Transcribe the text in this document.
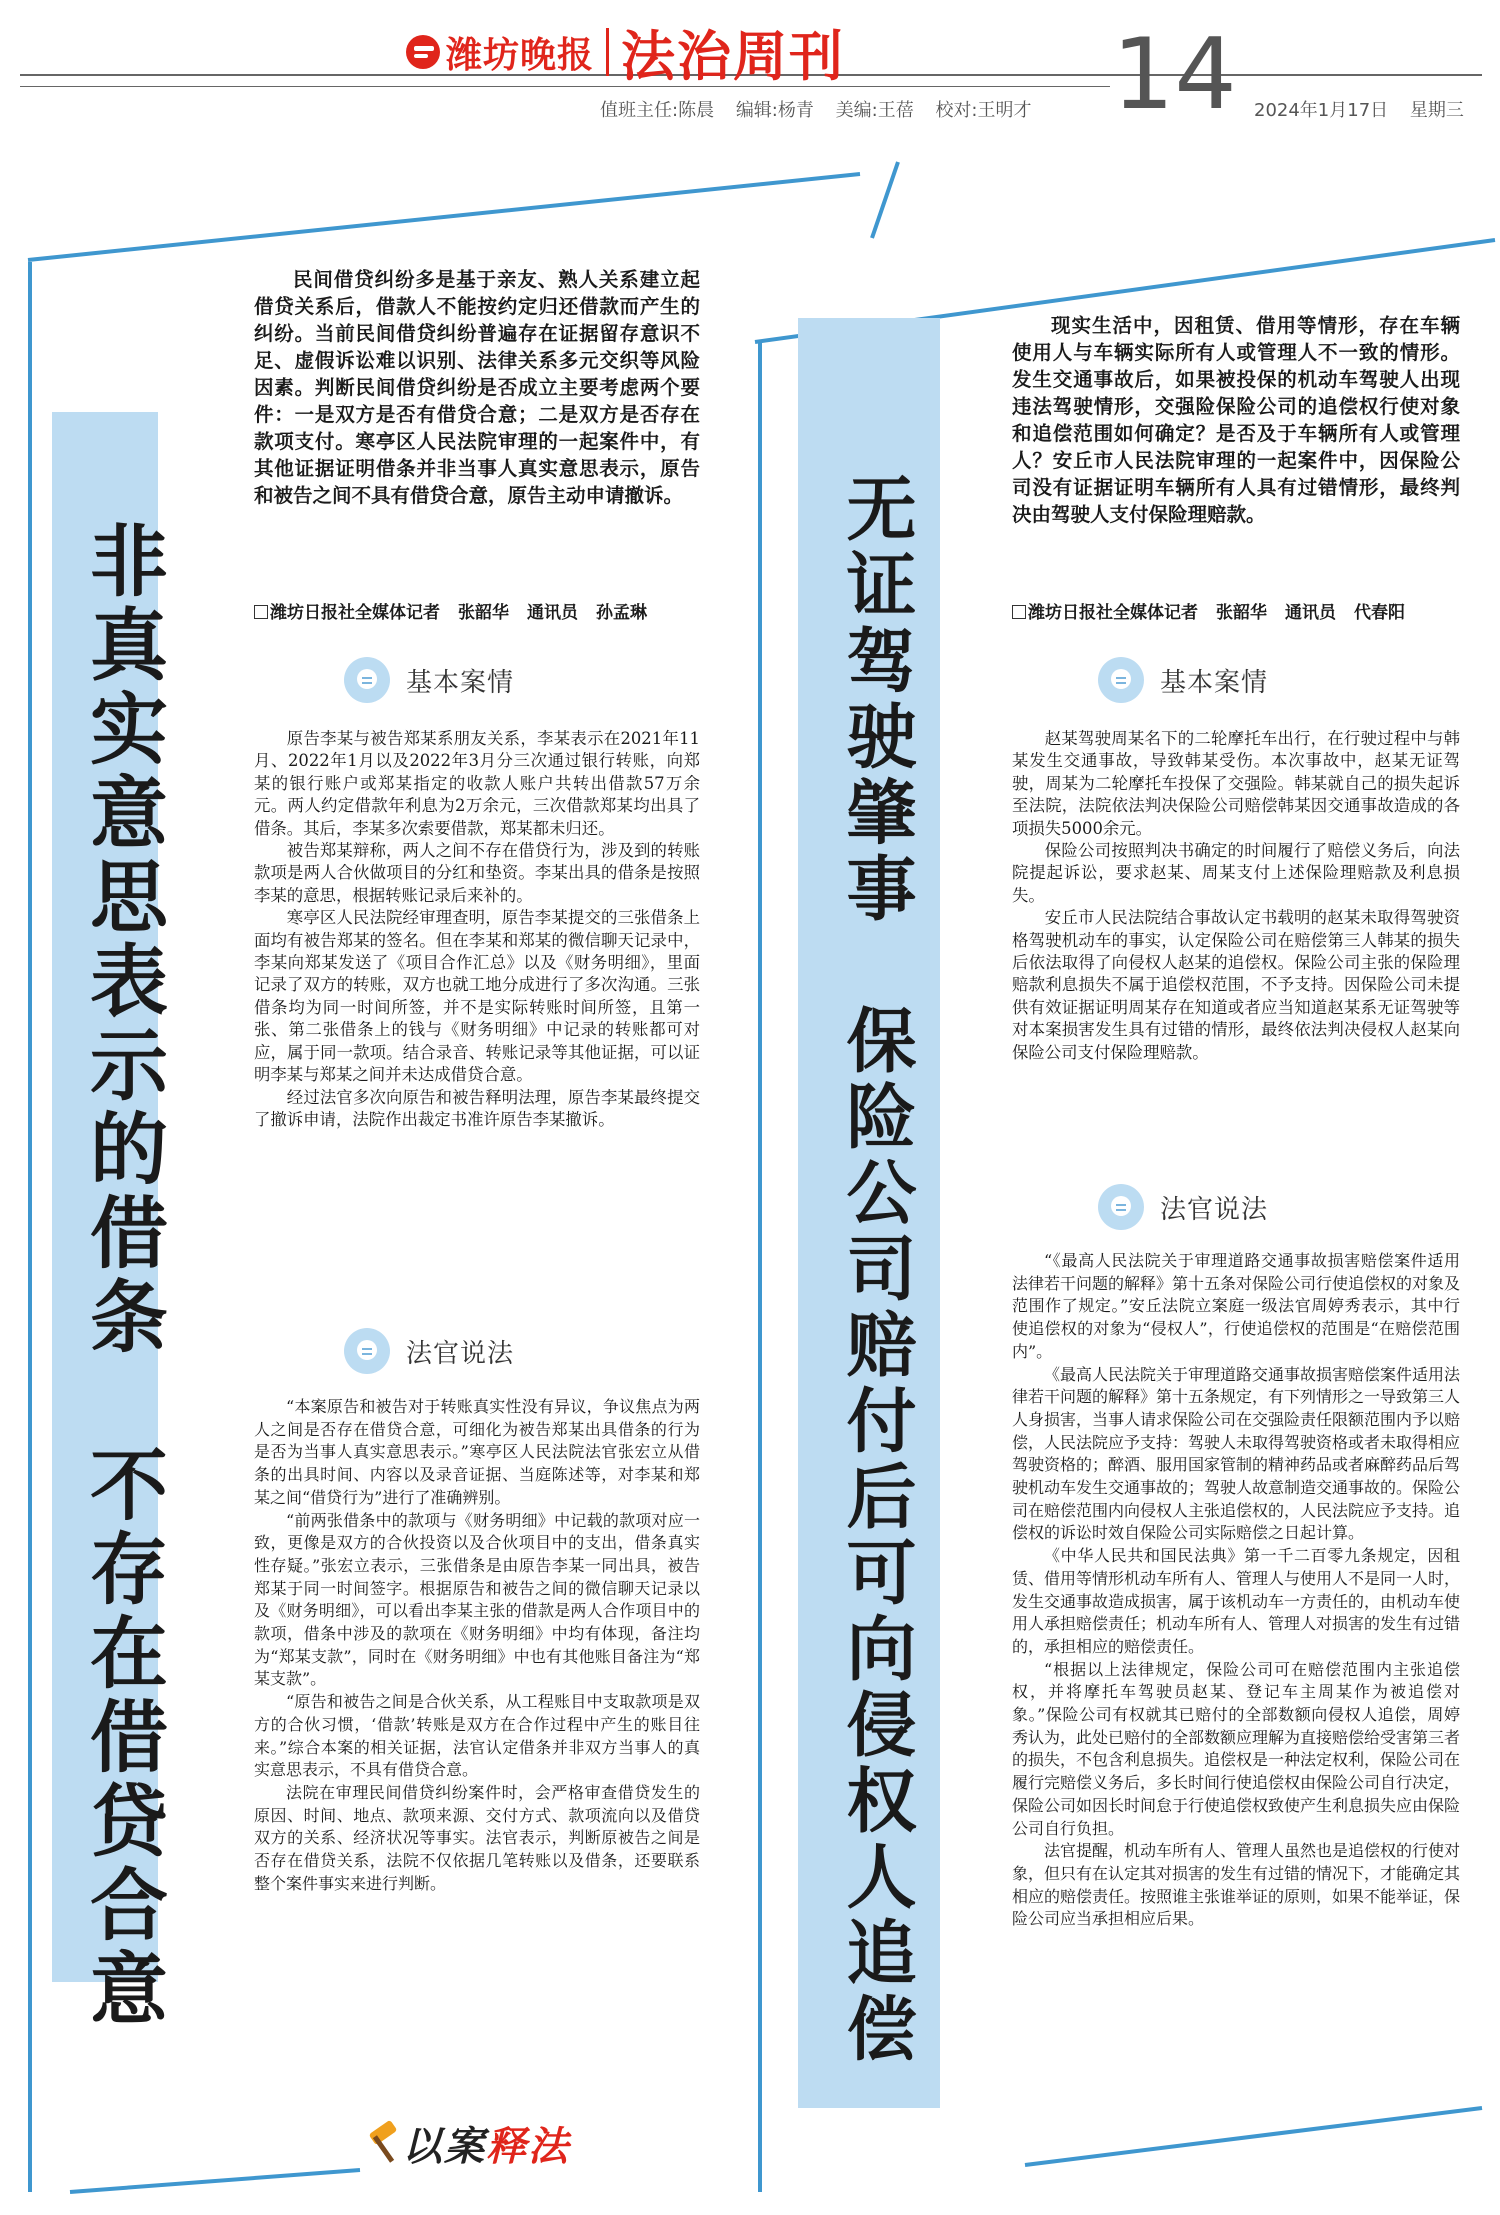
潍坊晚报 法治周刊
值班主任:陈晨 编辑:杨青 美编:王蓓 校对:王明才 14 2024年1月17日 星期三
非真实意思表示的借条　不存在借贷合意
民间借贷纠纷多是基于亲友、熟人关系建立起借贷关系后，借款人不能按约定归还借款而产生的纠纷。当前民间借贷纠纷普遍存在证据留存意识不足、虚假诉讼难以识别、法律关系多元交织等风险因素。判断民间借贷纠纷是否成立主要考虑两个要件：一是双方是否有借贷合意；二是双方是否存在款项支付。寒亭区人民法院审理的一起案件中，有其他证据证明借条并非当事人真实意思表示，原告和被告之间不具有借贷合意，原告主动申请撤诉。
潍坊日报社全媒体记者 张韶华 通讯员 孙孟琳
基本案情

原告李某与被告郑某系朋友关系，李某表示在2021年11月、2022年1月以及2022年3月分三次通过银行转账，向郑某的银行账户或郑某指定的收款人账户共转出借款57万余元。两人约定借款年利息为2万余元，三次借款郑某均出具了借条。其后，李某多次索要借款，郑某都未归还。

被告郑某辩称，两人之间不存在借贷行为，涉及到的转账款项是两人合伙做项目的分红和垫资。李某出具的借条是按照李某的意思，根据转账记录后来补的。

寒亭区人民法院经审理查明，原告李某提交的三张借条上面均有被告郑某的签名。但在李某和郑某的微信聊天记录中，李某向郑某发送了《项目合作汇总》以及《财务明细》，里面记录了双方的转账，双方也就工地分成进行了多次沟通。三张借条均为同一时间所签，并不是实际转账时间所签，且第一张、第二张借条上的钱与《财务明细》中记录的转账都可对应，属于同一款项。结合录音、转账记录等其他证据，可以证明李某与郑某之间并未达成借贷合意。

经过法官多次向原告和被告释明法理，原告李某最终提交了撤诉申请，法院作出裁定书准许原告李某撤诉。

法官说法

“本案原告和被告对于转账真实性没有异议，争议焦点为两人之间是否存在借贷合意，可细化为被告郑某出具借条的行为是否为当事人真实意思表示。”寒亭区人民法院法官张宏立从借条的出具时间、内容以及录音证据、当庭陈述等，对李某和郑某之间“借贷行为”进行了准确辨别。

“前两张借条中的款项与《财务明细》中记载的款项对应一致，更像是双方的合伙投资以及合伙项目中的支出，借条真实性存疑。”张宏立表示，三张借条是由原告李某一同出具，被告郑某于同一时间签字。根据原告和被告之间的微信聊天记录以及《财务明细》，可以看出李某主张的借款是两人合作项目中的款项，借条中涉及的款项在《财务明细》中均有体现，备注均为“郑某支款”，同时在《财务明细》中也有其他账目备注为“郑某支款”。

“原告和被告之间是合伙关系，从工程账目中支取款项是双方的合伙习惯，‘借款’转账是双方在合作过程中产生的账目往来。”综合本案的相关证据，法官认定借条并非双方当事人的真实意思表示，不具有借贷合意。

法院在审理民间借贷纠纷案件时，会严格审查借贷发生的原因、时间、地点、款项来源、交付方式、款项流向以及借贷双方的关系、经济状况等事实。法官表示，判断原被告之间是否存在借贷关系，法院不仅依据几笔转账以及借条，还要联系整个案件事实来进行判断。	无证驾驶肇事　保险公司赔付后可向侵权人追偿
现实生活中，因租赁、借用等情形，存在车辆使用人与车辆实际所有人或管理人不一致的情形。发生交通事故后，如果被投保的机动车驾驶人出现违法驾驶情形，交强险保险公司的追偿权行使对象和追偿范围如何确定？是否及于车辆所有人或管理人？安丘市人民法院审理的一起案件中，因保险公司没有证据证明车辆所有人具有过错情形，最终判决由驾驶人支付保险理赔款。
潍坊日报社全媒体记者 张韶华 通讯员 代春阳
基本案情

赵某驾驶周某名下的二轮摩托车出行，在行驶过程中与韩某发生交通事故，导致韩某受伤。本次事故中，赵某无证驾驶，周某为二轮摩托车投保了交强险。韩某就自己的损失起诉至法院，法院依法判决保险公司赔偿韩某因交通事故造成的各项损失5000余元。

保险公司按照判决书确定的时间履行了赔偿义务后，向法院提起诉讼，要求赵某、周某支付上述保险理赔款及利息损失。

安丘市人民法院结合事故认定书载明的赵某未取得驾驶资格驾驶机动车的事实，认定保险公司在赔偿第三人韩某的损失后依法取得了向侵权人赵某的追偿权。保险公司主张的保险理赔款利息损失不属于追偿权范围，不予支持。因保险公司未提供有效证据证明周某存在知道或者应当知道赵某系无证驾驶等对本案损害发生具有过错的情形，最终依法判决侵权人赵某向保险公司支付保险理赔款。

法官说法

“《最高人民法院关于审理道路交通事故损害赔偿案件适用法律若干问题的解释》第十五条对保险公司行使追偿权的对象及范围作了规定。”安丘法院立案庭一级法官周婷秀表示，其中行使追偿权的对象为“侵权人”，行使追偿权的范围是“在赔偿范围内”。

《最高人民法院关于审理道路交通事故损害赔偿案件适用法律若干问题的解释》第十五条规定，有下列情形之一导致第三人人身损害，当事人请求保险公司在交强险责任限额范围内予以赔偿，人民法院应予支持：驾驶人未取得驾驶资格或者未取得相应驾驶资格的；醉酒、服用国家管制的精神药品或者麻醉药品后驾驶机动车发生交通事故的；驾驶人故意制造交通事故的。保险公司在赔偿范围内向侵权人主张追偿权的，人民法院应予支持。追偿权的诉讼时效自保险公司实际赔偿之日起计算。

《中华人民共和国民法典》第一千二百零九条规定，因租赁、借用等情形机动车所有人、管理人与使用人不是同一人时，发生交通事故造成损害，属于该机动车一方责任的，由机动车使用人承担赔偿责任；机动车所有人、管理人对损害的发生有过错的，承担相应的赔偿责任。

“根据以上法律规定，保险公司可在赔偿范围内主张追偿权，并将摩托车驾驶员赵某、登记车主周某作为被追偿对象。”保险公司有权就其已赔付的全部数额向侵权人追偿，周婷秀认为，此处已赔付的全部数额应理解为直接赔偿给受害第三者的损失，不包含利息损失。追偿权是一种法定权利，保险公司在履行完赔偿义务后，多长时间行使追偿权由保险公司自行决定，保险公司如因长时间怠于行使追偿权致使产生利息损失应由保险公司自行负担。

法官提醒，机动车所有人、管理人虽然也是追偿权的行使对象，但只有在认定其对损害的发生有过错的情况下，才能确定其相应的赔偿责任。按照谁主张谁举证的原则，如果不能举证，保险公司应当承担相应后果。

以案释法
